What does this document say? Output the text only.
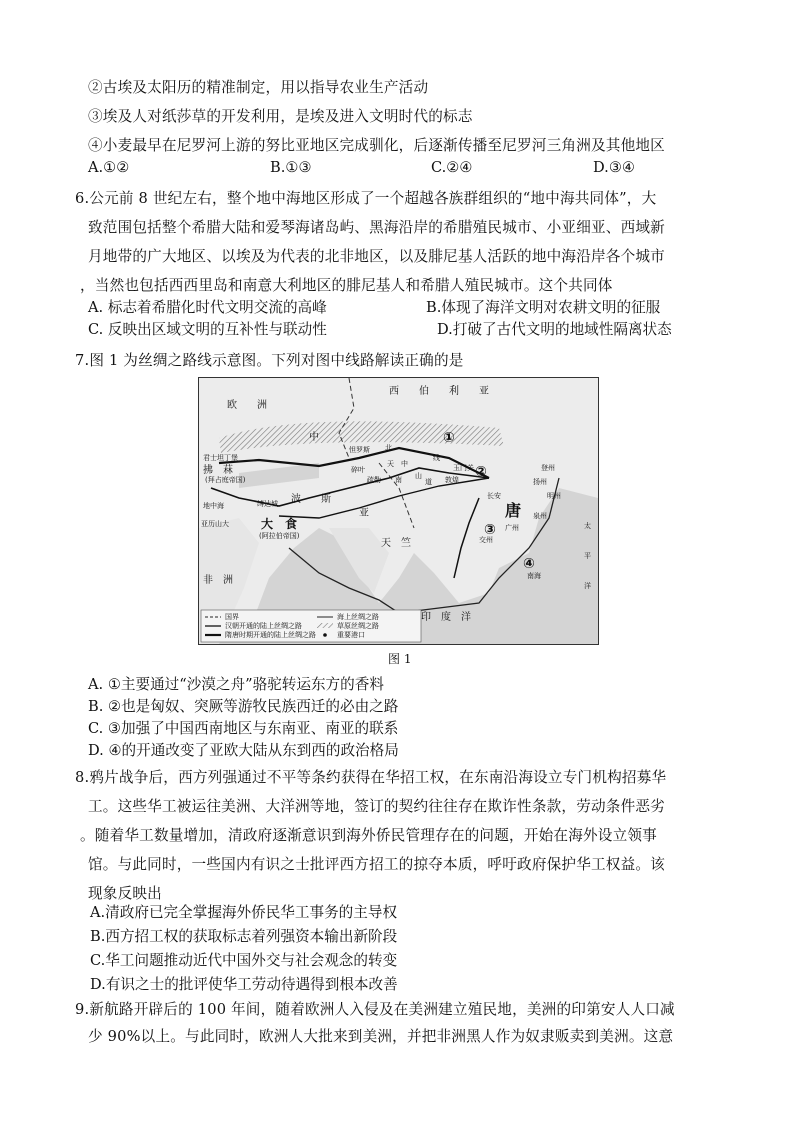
②古埃及太阳历的精准制定，用以指导农业生产活动
③埃及人对纸莎草的开发利用，是埃及进入文明时代的标志
④小麦最早在尼罗河上游的努比亚地区完成驯化，后逐渐传播至尼罗河三角洲及其他地区
A.①②	B.①③	C.②④	D.③④
6.公元前 8 世纪左右，整个地中海地区形成了一个超越各族群组织的“地中海共同体”，大
致范围包括整个希腊大陆和爱琴海诸岛屿、黑海沿岸的希腊殖民城市、小亚细亚、西域新
月地带的广大地区、以埃及为代表的北非地区，以及腓尼基人活跃的地中海沿岸各个城市
，当然也包括西西里岛和南意大利地区的腓尼基人和希腊人殖民城市。这个共同体
A. 标志着希腊化时代文明交流的高峰	B.体现了海洋文明对农耕文明的征服
C. 反映出区域文明的互补性与联动性	D.打破了古代文明的地域性隔离状态
7.图 1 为丝绸之路线示意图。下列对图中线路解读正确的是
西　　伯　　利　　亚
欧　　洲
君士坦丁堡
拂　菻
(拜占庭帝国)
中
怛罗斯 北
线
天　中
山
碎叶
疏勒 南	道
玉门关
敦煌
长安
唐
登州
扬州
明州
泉州
广州
交州
地中海
亚历山大
缚达城 波　　斯
大　食
(阿拉伯帝国)
亚
天　竺
非　洲
太
平
洋
印　度　洋
南海
①
②
③
④
国界
汉朝开通的陆上丝绸之路
隋唐时期开通的陆上丝绸之路
海上丝绸之路
草原丝绸之路
重要港口
图 1
A. ①主要通过“沙漠之舟”骆驼转运东方的香料
B. ②也是匈奴、突厥等游牧民族西迁的必由之路
C. ③加强了中国西南地区与东南亚、南亚的联系
D. ④的开通改变了亚欧大陆从东到西的政治格局
8.鸦片战争后，西方列强通过不平等条约获得在华招工权，在东南沿海设立专门机构招募华
工。这些华工被运往美洲、大洋洲等地，签订的契约往往存在欺诈性条款，劳动条件恶劣
。随着华工数量增加，清政府逐渐意识到海外侨民管理存在的问题，开始在海外设立领事
馆。与此同时，一些国内有识之士批评西方招工的掠夺本质，呼吁政府保护华工权益。该
现象反映出
A.清政府已完全掌握海外侨民华工事务的主导权
B.西方招工权的获取标志着列强资本输出新阶段
C.华工问题推动近代中国外交与社会观念的转变
D.有识之士的批评使华工劳动待遇得到根本改善
9.新航路开辟后的 100 年间，随着欧洲人入侵及在美洲建立殖民地，美洲的印第安人人口减
少 90%以上。与此同时，欧洲人大批来到美洲，并把非洲黑人作为奴隶贩卖到美洲。这意
